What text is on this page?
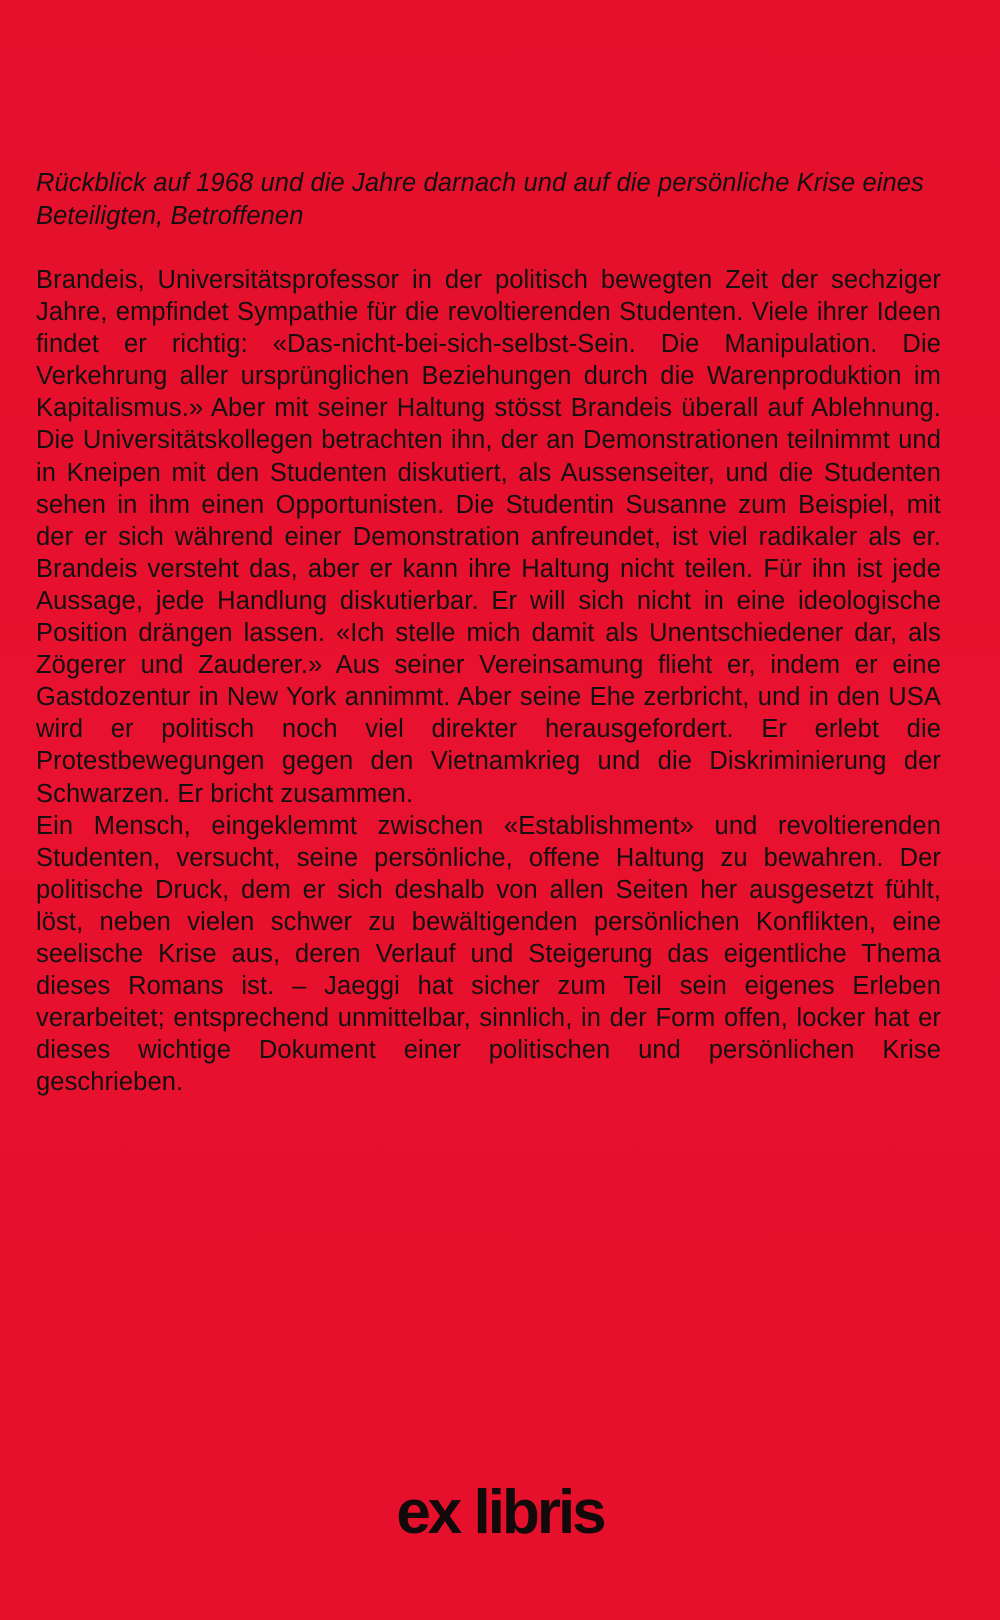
Rückblick auf 1968 und die Jahre darnach und auf die persönliche Krise eines Beteiligten, Betroffenen

Brandeis, Universitätsprofessor in der politisch bewegten Zeit der sechziger Jahre, empfindet Sympathie für die revoltierenden Studenten. Viele ihrer Ideen findet er richtig: «Das-nicht-bei-sich-selbst-Sein. Die Manipulation. Die Verkehrung aller ursprünglichen Beziehungen durch die Warenproduktion im Kapitalismus.» Aber mit seiner Haltung stösst Brandeis überall auf Ablehnung. Die Universitätskollegen betrachten ihn, der an Demonstrationen teilnimmt und in Kneipen mit den Studenten diskutiert, als Aussenseiter, und die Studenten sehen in ihm einen Opportunisten. Die Studentin Susanne zum Beispiel, mit der er sich während einer Demonstration anfreundet, ist viel radikaler als er. Brandeis versteht das, aber er kann ihre Haltung nicht teilen. Für ihn ist jede Aussage, jede Handlung diskutierbar. Er will sich nicht in eine ideologische Position drängen lassen. «Ich stelle mich damit als Unentschiedener dar, als Zögerer und Zauderer.» Aus seiner Vereinsamung flieht er, indem er eine Gastdozentur in New York annimmt. Aber seine Ehe zerbricht, und in den USA wird er politisch noch viel direkter herausgefordert. Er erlebt die Protestbewegungen gegen den Vietnamkrieg und die Diskriminierung der Schwarzen. Er bricht zusammen.

Ein Mensch, eingeklemmt zwischen «Establishment» und revoltierenden Studenten, versucht, seine persönliche, offene Haltung zu bewahren. Der politische Druck, dem er sich deshalb von allen Seiten her ausgesetzt fühlt, löst, neben vielen schwer zu bewältigenden persönlichen Konflikten, eine seelische Krise aus, deren Verlauf und Steigerung das eigentliche Thema dieses Romans ist. – Jaeggi hat sicher zum Teil sein eigenes Erleben verarbeitet; entsprechend unmittelbar, sinnlich, in der Form offen, locker hat er dieses wichtige Dokument einer politischen und persönlichen Krise geschrieben.

ex libris
